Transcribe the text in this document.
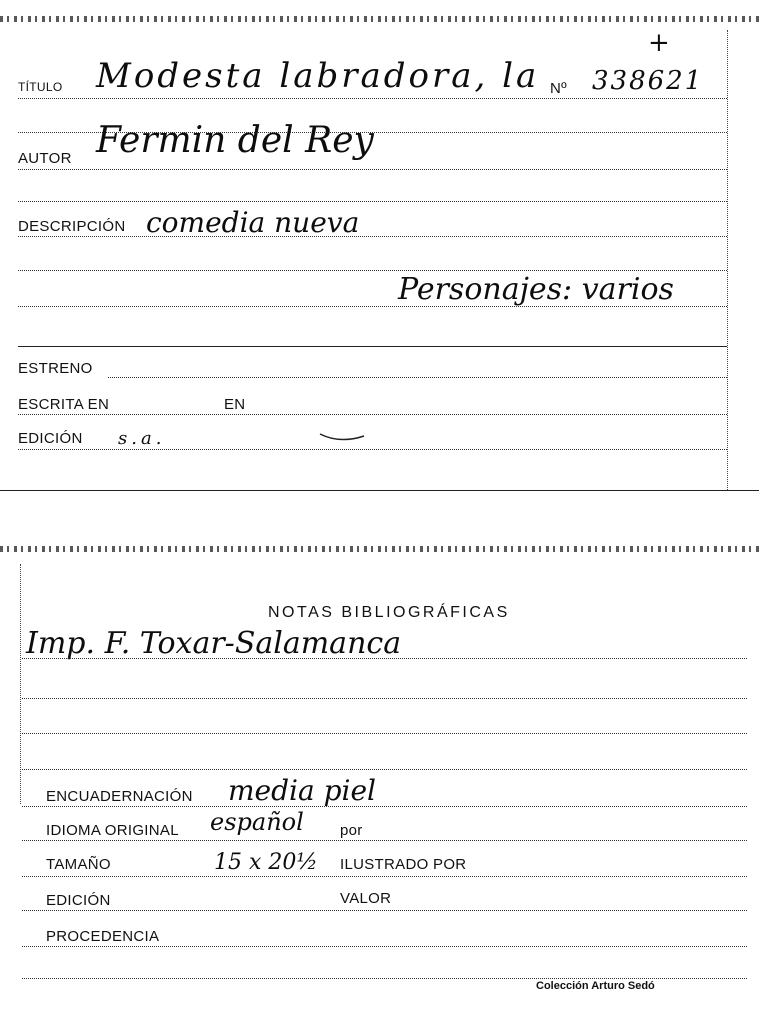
+
TÍTULO Modesta labradora, la Nº 338621
AUTOR Fermin del Rey
DESCRIPCIÓN comedia nueva
Personajes: varios
ESTRENO
ESCRITA EN	EN
EDICIÓN s.a.
NOTAS BIBLIOGRÁFICAS
Imp. F. Toxar-Salamanca
ENCUADERNACIÓN media piel
IDIOMA ORIGINAL español por
TAMAÑO	15 x 20½ ILUSTRADO POR
EDICIÓN	VALOR
PROCEDENCIA
Colección Arturo Sedó
